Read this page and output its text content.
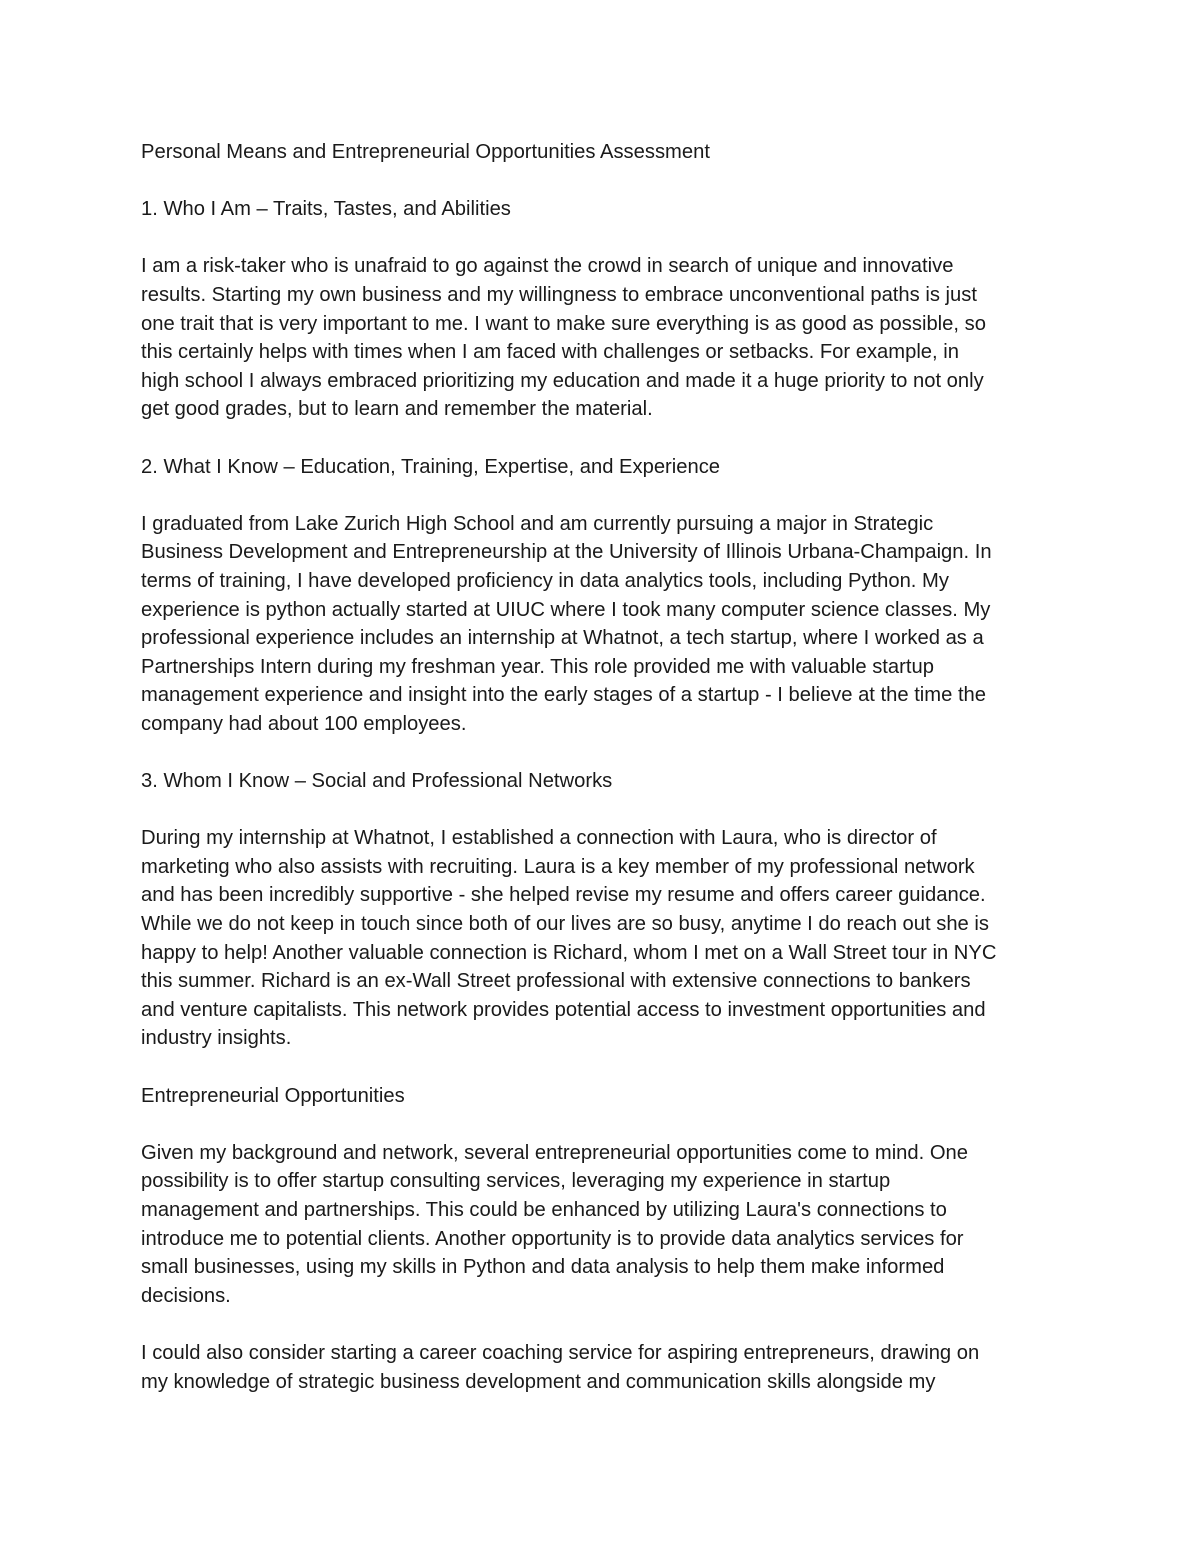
Personal Means and Entrepreneurial Opportunities Assessment

1. Who I Am – Traits, Tastes, and Abilities

I am a risk-taker who is unafraid to go against the crowd in search of unique and innovative
results. Starting my own business and my willingness to embrace unconventional paths is just
one trait that is very important to me. I want to make sure everything is as good as possible, so
this certainly helps with times when I am faced with challenges or setbacks. For example, in
high school I always embraced prioritizing my education and made it a huge priority to not only
get good grades, but to learn and remember the material.

2. What I Know – Education, Training, Expertise, and Experience

I graduated from Lake Zurich High School and am currently pursuing a major in Strategic
Business Development and Entrepreneurship at the University of Illinois Urbana-Champaign. In
terms of training, I have developed proficiency in data analytics tools, including Python. My
experience is python actually started at UIUC where I took many computer science classes. My
professional experience includes an internship at Whatnot, a tech startup, where I worked as a
Partnerships Intern during my freshman year. This role provided me with valuable startup
management experience and insight into the early stages of a startup - I believe at the time the
company had about 100 employees.

3. Whom I Know – Social and Professional Networks

During my internship at Whatnot, I established a connection with Laura, who is director of
marketing who also assists with recruiting. Laura is a key member of my professional network
and has been incredibly supportive - she helped revise my resume and offers career guidance.
While we do not keep in touch since both of our lives are so busy, anytime I do reach out she is
happy to help! Another valuable connection is Richard, whom I met on a Wall Street tour in NYC
this summer. Richard is an ex-Wall Street professional with extensive connections to bankers
and venture capitalists. This network provides potential access to investment opportunities and
industry insights.

Entrepreneurial Opportunities

Given my background and network, several entrepreneurial opportunities come to mind. One
possibility is to offer startup consulting services, leveraging my experience in startup
management and partnerships. This could be enhanced by utilizing Laura's connections to
introduce me to potential clients. Another opportunity is to provide data analytics services for
small businesses, using my skills in Python and data analysis to help them make informed
decisions.

I could also consider starting a career coaching service for aspiring entrepreneurs, drawing on
my knowledge of strategic business development and communication skills alongside my
